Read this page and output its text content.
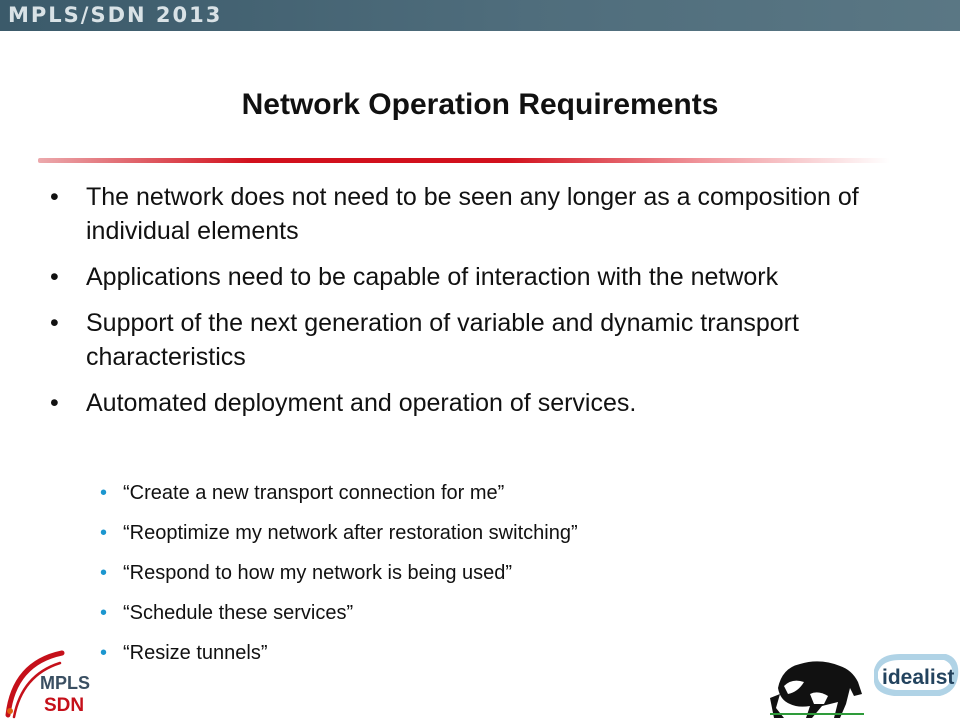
MPLS/SDN 2013
Network Operation Requirements
• The network does not need to be seen any longer as a composition of individual elements
• Applications need to be capable of interaction with the network
• Support of the next generation of variable and dynamic transport characteristics
• Automated deployment and operation of services.
• “Create a new transport connection for me”
• “Reoptimize my network after restoration switching”
• “Respond to how my network is being used”
• “Schedule these services”
• “Resize tunnels”
MPLS
SDN
idealist
